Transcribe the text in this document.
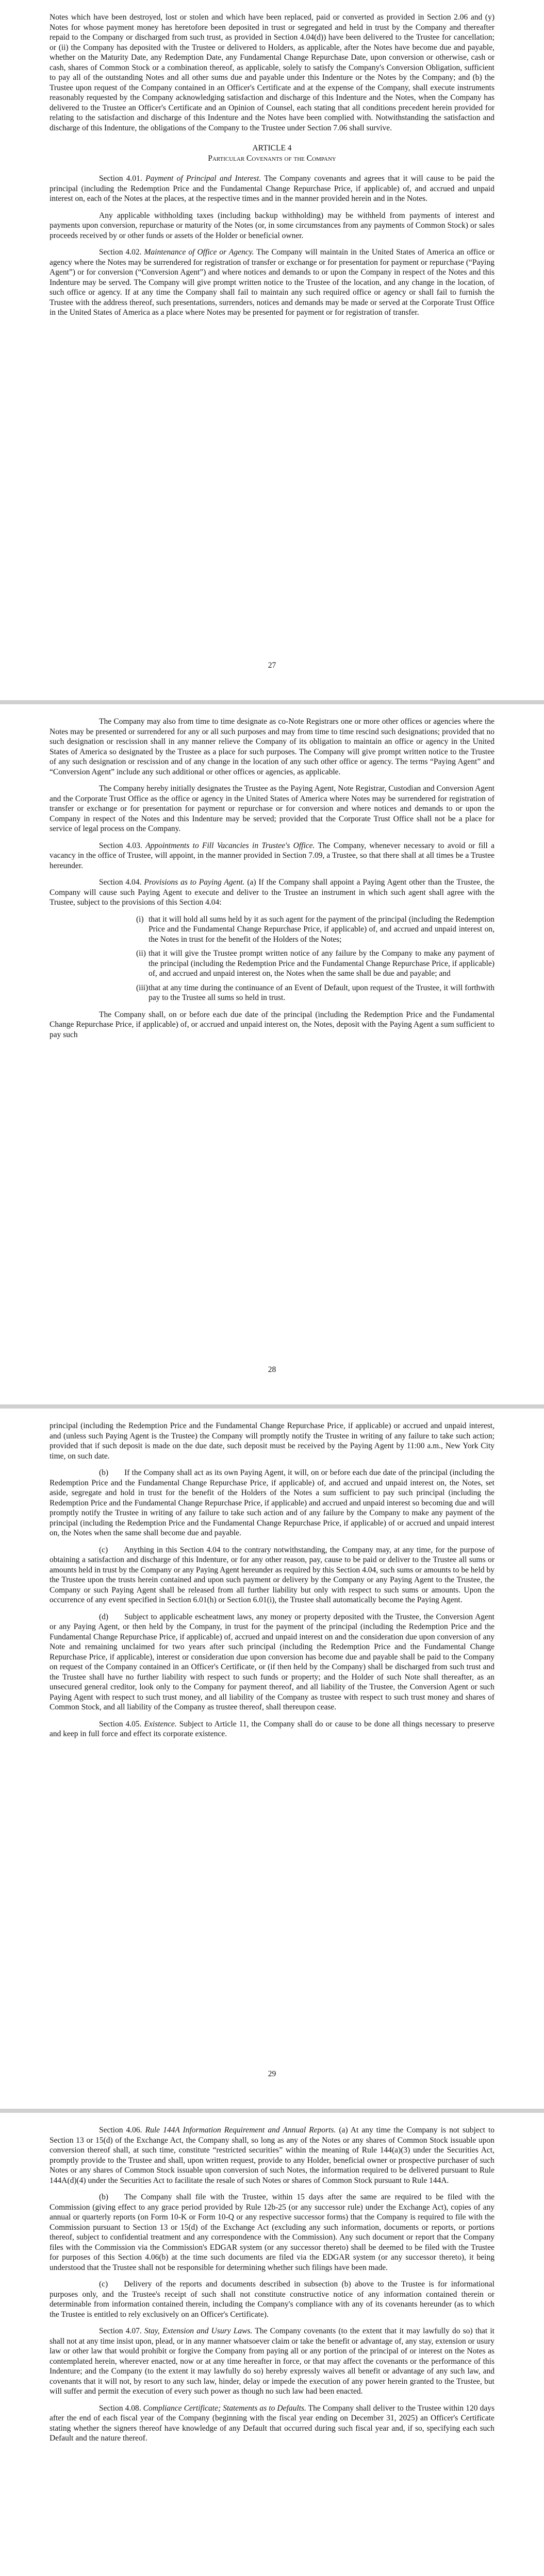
Notes which have been destroyed, lost or stolen and which have been replaced, paid or converted as provided in Section 2.06 and (y) Notes for whose payment money has heretofore been deposited in trust or segregated and held in trust by the Company and thereafter repaid to the Company or discharged from such trust, as provided in Section 4.04(d)) have been delivered to the Trustee for cancellation; or (ii) the Company has deposited with the Trustee or delivered to Holders, as applicable, after the Notes have become due and payable, whether on the Maturity Date, any Redemption Date, any Fundamental Change Repurchase Date, upon conversion or otherwise, cash or cash, shares of Common Stock or a combination thereof, as applicable, solely to satisfy the Company's Conversion Obligation, sufficient to pay all of the outstanding Notes and all other sums due and payable under this Indenture or the Notes by the Company; and (b) the Trustee upon request of the Company contained in an Officer's Certificate and at the expense of the Company, shall execute instruments reasonably requested by the Company acknowledging satisfaction and discharge of this Indenture and the Notes, when the Company has delivered to the Trustee an Officer's Certificate and an Opinion of Counsel, each stating that all conditions precedent herein provided for relating to the satisfaction and discharge of this Indenture and the Notes have been complied with. Notwithstanding the satisfaction and discharge of this Indenture, the obligations of the Company to the Trustee under Section 7.06 shall survive.

ARTICLE 4

Particular Covenants of the Company

Section 4.01. Payment of Principal and Interest. The Company covenants and agrees that it will cause to be paid the principal (including the Redemption Price and the Fundamental Change Repurchase Price, if applicable) of, and accrued and unpaid interest on, each of the Notes at the places, at the respective times and in the manner provided herein and in the Notes.

Any applicable withholding taxes (including backup withholding) may be withheld from payments of interest and payments upon conversion, repurchase or maturity of the Notes (or, in some circumstances from any payments of Common Stock) or sales proceeds received by or other funds or assets of the Holder or beneficial owner.

Section 4.02. Maintenance of Office or Agency. The Company will maintain in the United States of America an office or agency where the Notes may be surrendered for registration of transfer or exchange or for presentation for payment or repurchase (“Paying Agent”) or for conversion (“Conversion Agent”) and where notices and demands to or upon the Company in respect of the Notes and this Indenture may be served. The Company will give prompt written notice to the Trustee of the location, and any change in the location, of such office or agency. If at any time the Company shall fail to maintain any such required office or agency or shall fail to furnish the Trustee with the address thereof, such presentations, surrenders, notices and demands may be made or served at the Corporate Trust Office in the United States of America as a place where Notes may be presented for payment or for registration of transfer.

27

The Company may also from time to time designate as co-Note Registrars one or more other offices or agencies where the Notes may be presented or surrendered for any or all such purposes and may from time to time rescind such designations; provided that no such designation or rescission shall in any manner relieve the Company of its obligation to maintain an office or agency in the United States of America so designated by the Trustee as a place for such purposes. The Company will give prompt written notice to the Trustee of any such designation or rescission and of any change in the location of any such other office or agency. The terms “Paying Agent” and “Conversion Agent” include any such additional or other offices or agencies, as applicable.

The Company hereby initially designates the Trustee as the Paying Agent, Note Registrar, Custodian and Conversion Agent and the Corporate Trust Office as the office or agency in the United States of America where Notes may be surrendered for registration of transfer or exchange or for presentation for payment or repurchase or for conversion and where notices and demands to or upon the Company in respect of the Notes and this Indenture may be served; provided that the Corporate Trust Office shall not be a place for service of legal process on the Company.

Section 4.03. Appointments to Fill Vacancies in Trustee's Office. The Company, whenever necessary to avoid or fill a vacancy in the office of Trustee, will appoint, in the manner provided in Section 7.09, a Trustee, so that there shall at all times be a Trustee hereunder.

Section 4.04. Provisions as to Paying Agent. (a) If the Company shall appoint a Paying Agent other than the Trustee, the Company will cause such Paying Agent to execute and deliver to the Trustee an instrument in which such agent shall agree with the Trustee, subject to the provisions of this Section 4.04:

(i) that it will hold all sums held by it as such agent for the payment of the principal (including the Redemption Price and the Fundamental Change Repurchase Price, if applicable) of, and accrued and unpaid interest on, the Notes in trust for the benefit of the Holders of the Notes;
(ii) that it will give the Trustee prompt written notice of any failure by the Company to make any payment of the principal (including the Redemption Price and the Fundamental Change Repurchase Price, if applicable) of, and accrued and unpaid interest on, the Notes when the same shall be due and payable; and
(iii) that at any time during the continuance of an Event of Default, upon request of the Trustee, it will forthwith pay to the Trustee all sums so held in trust.

The Company shall, on or before each due date of the principal (including the Redemption Price and the Fundamental Change Repurchase Price, if applicable) of, or accrued and unpaid interest on, the Notes, deposit with the Paying Agent a sum sufficient to pay such

28

principal (including the Redemption Price and the Fundamental Change Repurchase Price, if applicable) or accrued and unpaid interest, and (unless such Paying Agent is the Trustee) the Company will promptly notify the Trustee in writing of any failure to take such action; provided that if such deposit is made on the due date, such deposit must be received by the Paying Agent by 11:00 a.m., New York City time, on such date.

(b)  If the Company shall act as its own Paying Agent, it will, on or before each due date of the principal (including the Redemption Price and the Fundamental Change Repurchase Price, if applicable) of, and accrued and unpaid interest on, the Notes, set aside, segregate and hold in trust for the benefit of the Holders of the Notes a sum sufficient to pay such principal (including the Redemption Price and the Fundamental Change Repurchase Price, if applicable) and accrued and unpaid interest so becoming due and will promptly notify the Trustee in writing of any failure to take such action and of any failure by the Company to make any payment of the principal (including the Redemption Price and the Fundamental Change Repurchase Price, if applicable) of or accrued and unpaid interest on, the Notes when the same shall become due and payable.

(c)  Anything in this Section 4.04 to the contrary notwithstanding, the Company may, at any time, for the purpose of obtaining a satisfaction and discharge of this Indenture, or for any other reason, pay, cause to be paid or deliver to the Trustee all sums or amounts held in trust by the Company or any Paying Agent hereunder as required by this Section 4.04, such sums or amounts to be held by the Trustee upon the trusts herein contained and upon such payment or delivery by the Company or any Paying Agent to the Trustee, the Company or such Paying Agent shall be released from all further liability but only with respect to such sums or amounts. Upon the occurrence of any event specified in Section 6.01(h) or Section 6.01(i), the Trustee shall automatically become the Paying Agent.

(d)  Subject to applicable escheatment laws, any money or property deposited with the Trustee, the Conversion Agent or any Paying Agent, or then held by the Company, in trust for the payment of the principal (including the Redemption Price and the Fundamental Change Repurchase Price, if applicable) of, accrued and unpaid interest on and the consideration due upon conversion of any Note and remaining unclaimed for two years after such principal (including the Redemption Price and the Fundamental Change Repurchase Price, if applicable), interest or consideration due upon conversion has become due and payable shall be paid to the Company on request of the Company contained in an Officer's Certificate, or (if then held by the Company) shall be discharged from such trust and the Trustee shall have no further liability with respect to such funds or property; and the Holder of such Note shall thereafter, as an unsecured general creditor, look only to the Company for payment thereof, and all liability of the Trustee, the Conversion Agent or such Paying Agent with respect to such trust money, and all liability of the Company as trustee with respect to such trust money and shares of Common Stock, and all liability of the Company as trustee thereof, shall thereupon cease.

Section 4.05. Existence. Subject to Article 11, the Company shall do or cause to be done all things necessary to preserve and keep in full force and effect its corporate existence.

29

Section 4.06. Rule 144A Information Requirement and Annual Reports. (a) At any time the Company is not subject to Section 13 or 15(d) of the Exchange Act, the Company shall, so long as any of the Notes or any shares of Common Stock issuable upon conversion thereof shall, at such time, constitute “restricted securities” within the meaning of Rule 144(a)(3) under the Securities Act, promptly provide to the Trustee and shall, upon written request, provide to any Holder, beneficial owner or prospective purchaser of such Notes or any shares of Common Stock issuable upon conversion of such Notes, the information required to be delivered pursuant to Rule 144A(d)(4) under the Securities Act to facilitate the resale of such Notes or shares of Common Stock pursuant to Rule 144A.

(b)  The Company shall file with the Trustee, within 15 days after the same are required to be filed with the Commission (giving effect to any grace period provided by Rule 12b-25 (or any successor rule) under the Exchange Act), copies of any annual or quarterly reports (on Form 10-K or Form 10-Q or any respective successor forms) that the Company is required to file with the Commission pursuant to Section 13 or 15(d) of the Exchange Act (excluding any such information, documents or reports, or portions thereof, subject to confidential treatment and any correspondence with the Commission). Any such document or report that the Company files with the Commission via the Commission's EDGAR system (or any successor thereto) shall be deemed to be filed with the Trustee for purposes of this Section 4.06(b) at the time such documents are filed via the EDGAR system (or any successor thereto), it being understood that the Trustee shall not be responsible for determining whether such filings have been made.

(c)  Delivery of the reports and documents described in subsection (b) above to the Trustee is for informational purposes only, and the Trustee's receipt of such shall not constitute constructive notice of any information contained therein or determinable from information contained therein, including the Company's compliance with any of its covenants hereunder (as to which the Trustee is entitled to rely exclusively on an Officer's Certificate).

Section 4.07. Stay, Extension and Usury Laws. The Company covenants (to the extent that it may lawfully do so) that it shall not at any time insist upon, plead, or in any manner whatsoever claim or take the benefit or advantage of, any stay, extension or usury law or other law that would prohibit or forgive the Company from paying all or any portion of the principal of or interest on the Notes as contemplated herein, wherever enacted, now or at any time hereafter in force, or that may affect the covenants or the performance of this Indenture; and the Company (to the extent it may lawfully do so) hereby expressly waives all benefit or advantage of any such law, and covenants that it will not, by resort to any such law, hinder, delay or impede the execution of any power herein granted to the Trustee, but will suffer and permit the execution of every such power as though no such law had been enacted.

Section 4.08. Compliance Certificate; Statements as to Defaults. The Company shall deliver to the Trustee within 120 days after the end of each fiscal year of the Company (beginning with the fiscal year ending on December 31, 2025) an Officer's Certificate stating whether the signers thereof have knowledge of any Default that occurred during such fiscal year and, if so, specifying each such Default and the nature thereof.
